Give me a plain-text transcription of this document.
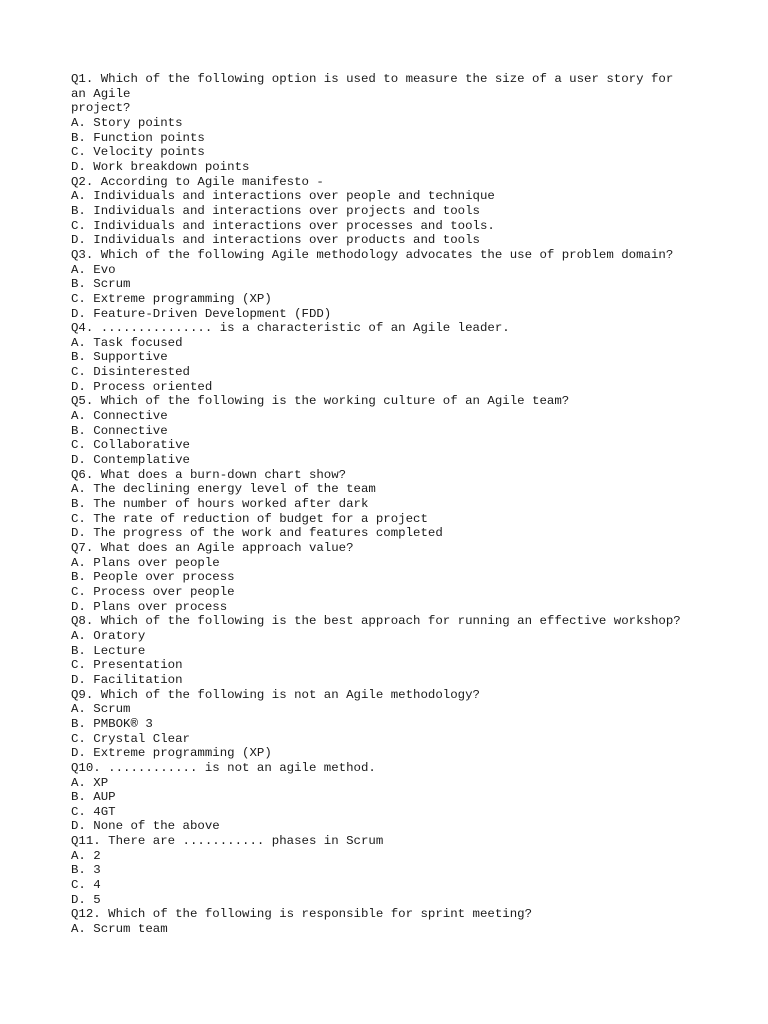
Q1. Which of the following option is used to measure the size of a user story for
an Agile
project?
A. Story points
B. Function points
C. Velocity points
D. Work breakdown points
Q2. According to Agile manifesto -
A. Individuals and interactions over people and technique
B. Individuals and interactions over projects and tools
C. Individuals and interactions over processes and tools.
D. Individuals and interactions over products and tools
Q3. Which of the following Agile methodology advocates the use of problem domain?
A. Evo
B. Scrum
C. Extreme programming (XP)
D. Feature-Driven Development (FDD)
Q4. ............... is a characteristic of an Agile leader.
A. Task focused
B. Supportive
C. Disinterested
D. Process oriented
Q5. Which of the following is the working culture of an Agile team?
A. Connective
B. Connective
C. Collaborative
D. Contemplative
Q6. What does a burn-down chart show?
A. The declining energy level of the team
B. The number of hours worked after dark
C. The rate of reduction of budget for a project
D. The progress of the work and features completed
Q7. What does an Agile approach value?
A. Plans over people
B. People over process
C. Process over people
D. Plans over process
Q8. Which of the following is the best approach for running an effective workshop?
A. Oratory
B. Lecture
C. Presentation
D. Facilitation
Q9. Which of the following is not an Agile methodology?
A. Scrum
B. PMBOK® 3
C. Crystal Clear
D. Extreme programming (XP)
Q10. ............ is not an agile method.
A. XP
B. AUP
C. 4GT
D. None of the above
Q11. There are ........... phases in Scrum
A. 2
B. 3
C. 4
D. 5
Q12. Which of the following is responsible for sprint meeting?
A. Scrum team
